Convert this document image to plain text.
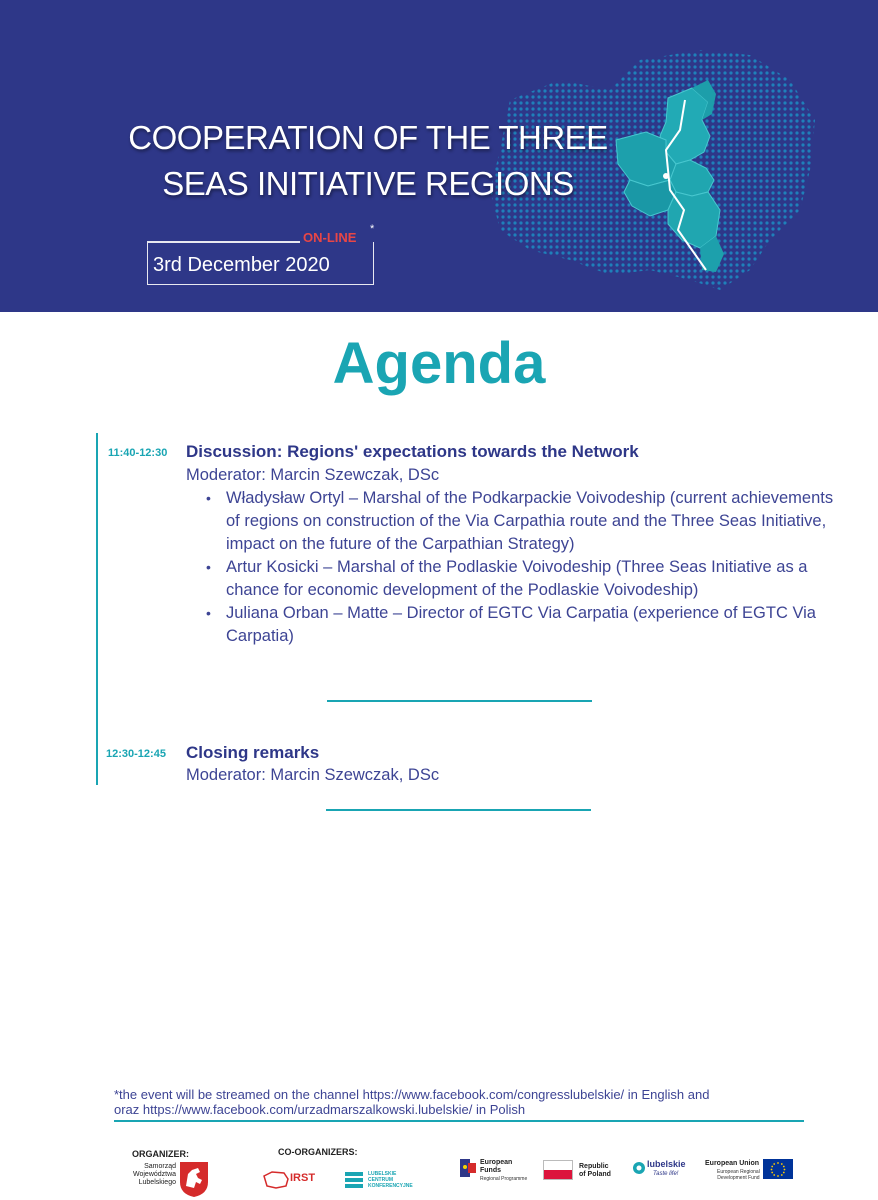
COOPERATION OF THE THREE
SEAS INITIATIVE REGIONS
ON-LINE
*
3rd December 2020
Agenda
11:40-12:30 Discussion: Regions' expectations towards the Network
Moderator: Marcin Szewczak, DSc
• Władysław Ortyl – Marshal of the Podkarpackie Voivodeship (current achievements of regions on construction of the Via Carpathia route and the Three Seas Initiative, impact on the future of the Carpathian Strategy)
• Artur Kosicki – Marshal of the Podlaskie Voivodeship (Three Seas Initiative as a chance for economic development of the Podlaskie Voivodeship)
• Juliana Orban – Matte – Director of EGTC Via Carpatia (experience of EGTC Via Carpatia)
12:30-12:45 Closing remarks
Moderator: Marcin Szewczak, DSc
*the event will be streamed on the channel https://www.facebook.com/congresslubelskie/ in English and
oraz https://www.facebook.com/urzadmarszalkowski.lubelskie/ in Polish
ORGANIZER:
Samorząd
Województwa
Lubelskiego
CO-ORGANIZERS:
IRST	LUBELSKIE
CENTRUM
KONFERENCYJNE
European
Funds
Regional Programme
Republic
of Poland
lubelskie
Taste life!
European Union
European Regional
Development Fund
